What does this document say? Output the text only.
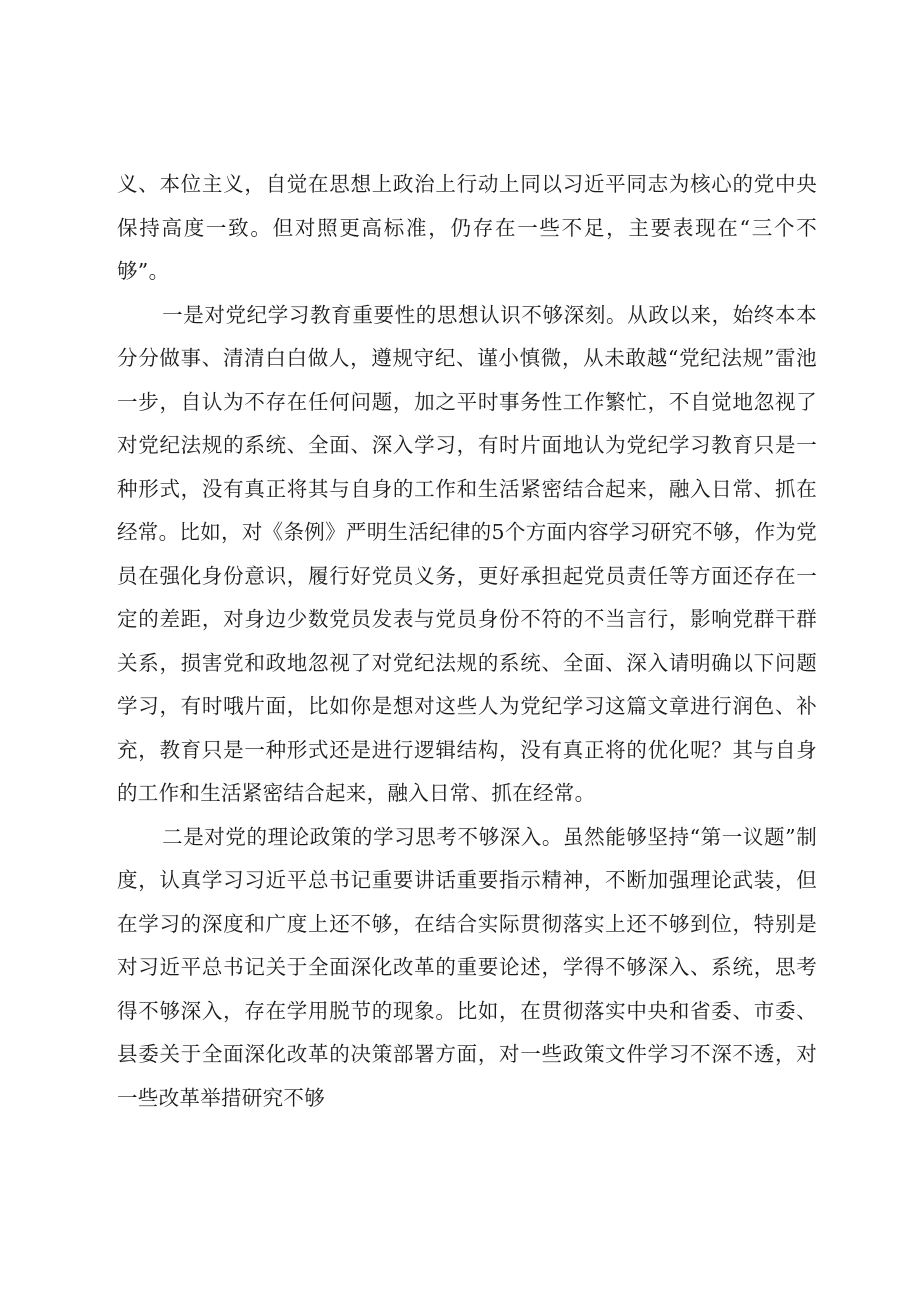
义、本位主义，自觉在思想上政治上行动上同以习近平同志为核心的党中央保持高度一致。但对照更高标准，仍存在一些不足，主要表现在“三个不够”。

一是对党纪学习教育重要性的思想认识不够深刻。从政以来，始终本本分分做事、清清白白做人，遵规守纪、谨小慎微，从未敢越“党纪法规”雷池一步，自认为不存在任何问题，加之平时事务性工作繁忙，不自觉地忽视了对党纪法规的系统、全面、深入学习，有时片面地认为党纪学习教育只是一种形式，没有真正将其与自身的工作和生活紧密结合起来，融入日常、抓在经常。比如，对《条例》严明生活纪律的5个方面内容学习研究不够，作为党员在强化身份意识，履行好党员义务，更好承担起党员责任等方面还存在一定的差距，对身边少数党员发表与党员身份不符的不当言行，影响党群干群关系，损害党和政地忽视了对党纪法规的系统、全面、深入请明确以下问题学习，有时哦片面，比如你是想对这些人为党纪学习这篇文章进行润色、补充，教育只是一种形式还是进行逻辑结构，没有真正将的优化呢？其与自身的工作和生活紧密结合起来，融入日常、抓在经常。

二是对党的理论政策的学习思考不够深入。虽然能够坚持“第一议题”制度，认真学习习近平总书记重要讲话重要指示精神，不断加强理论武装，但在学习的深度和广度上还不够，在结合实际贯彻落实上还不够到位，特别是对习近平总书记关于全面深化改革的重要论述，学得不够深入、系统，思考得不够深入，存在学用脱节的现象。比如，在贯彻落实中央和省委、市委、县委关于全面深化改革的决策部署方面，对一些政策文件学习不深不透，对一些改革举措研究不够
